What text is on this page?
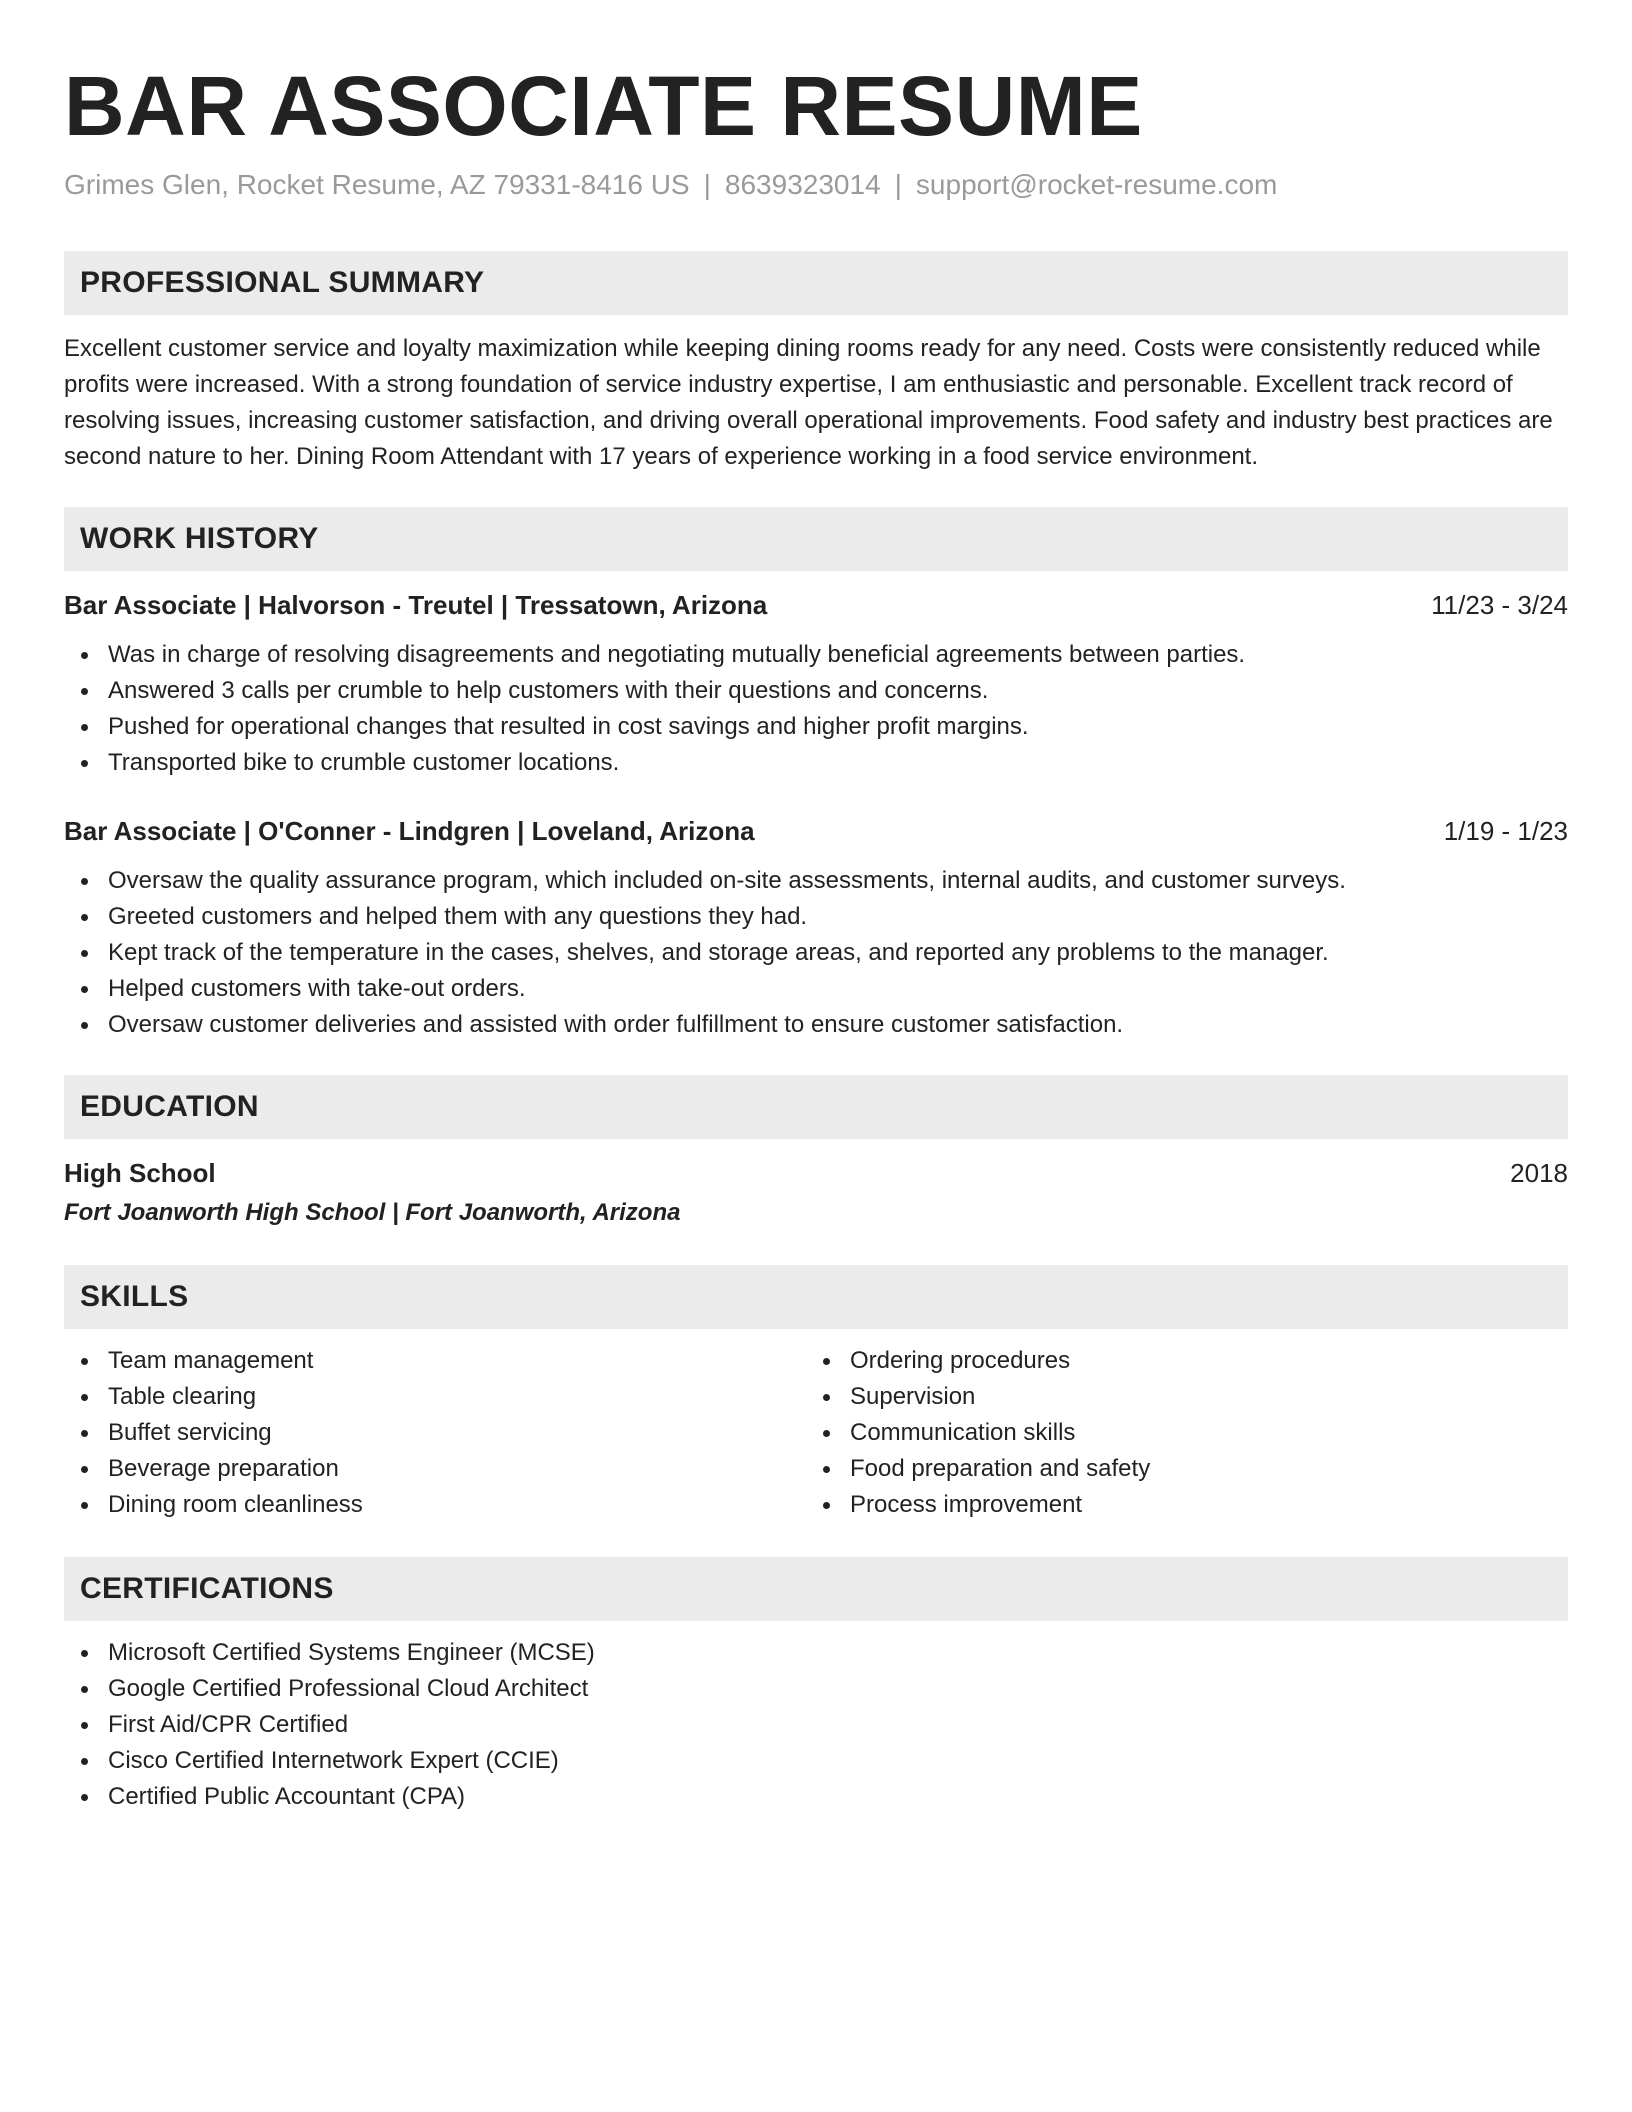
BAR ASSOCIATE RESUME
Grimes Glen, Rocket Resume, AZ 79331-8416 US | 8639323014 | support@rocket-resume.com
PROFESSIONAL SUMMARY

Excellent customer service and loyalty maximization while keeping dining rooms ready for any need. Costs were consistently reduced while profits were increased. With a strong foundation of service industry expertise, I am enthusiastic and personable. Excellent track record of resolving issues, increasing customer satisfaction, and driving overall operational improvements. Food safety and industry best practices are second nature to her. Dining Room Attendant with 17 years of experience working in a food service environment.

WORK HISTORY
Bar Associate | Halvorson - Treutel | Tressatown, Arizona	11/23 - 3/24
Was in charge of resolving disagreements and negotiating mutually beneficial agreements between parties.
Answered 3 calls per crumble to help customers with their questions and concerns.
Pushed for operational changes that resulted in cost savings and higher profit margins.
Transported bike to crumble customer locations.
Bar Associate | O'Conner - Lindgren | Loveland, Arizona	1/19 - 1/23
Oversaw the quality assurance program, which included on-site assessments, internal audits, and customer surveys.
Greeted customers and helped them with any questions they had.
Kept track of the temperature in the cases, shelves, and storage areas, and reported any problems to the manager.
Helped customers with take-out orders.
Oversaw customer deliveries and assisted with order fulfillment to ensure customer satisfaction.
EDUCATION
High School	2018
Fort Joanworth High School | Fort Joanworth, Arizona
SKILLS
Team management
Table clearing
Buffet servicing
Beverage preparation
Dining room cleanliness
Ordering procedures
Supervision
Communication skills
Food preparation and safety
Process improvement
CERTIFICATIONS
Microsoft Certified Systems Engineer (MCSE)
Google Certified Professional Cloud Architect
First Aid/CPR Certified
Cisco Certified Internetwork Expert (CCIE)
Certified Public Accountant (CPA)
